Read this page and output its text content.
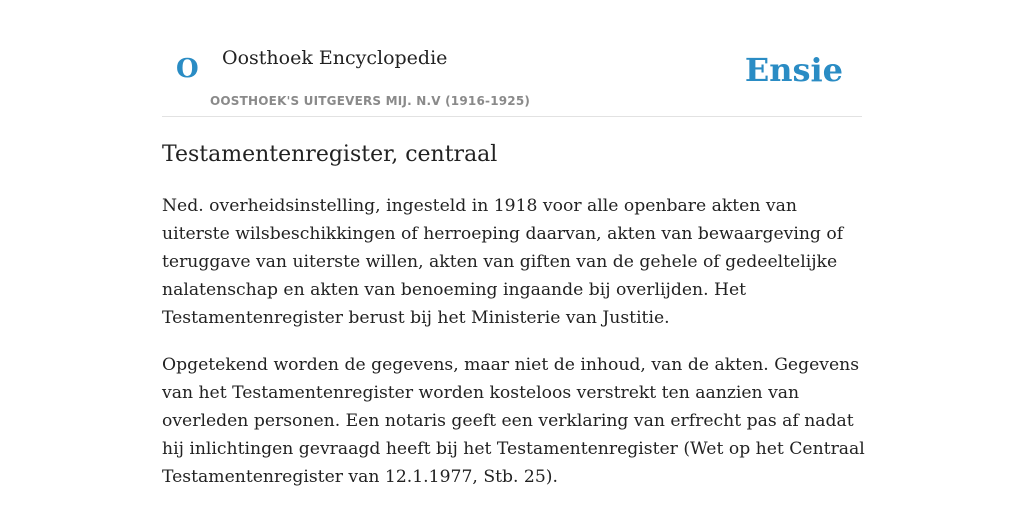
O Oosthoek Encyclopedie
OOSTHOEK'S UITGEVERS MIJ. N.V (1916-1925)
Ensie
Testamentenregister, centraal

Ned. overheidsinstelling, ingesteld in 1918 voor alle openbare akten van uiterste wilsbeschikkingen of herroeping daarvan, akten van bewaargeving of teruggave van uiterste willen, akten van giften van de gehele of gedeeltelijke nalatenschap en akten van benoeming ingaande bij overlijden. Het Testamentenregister berust bij het Ministerie van Justitie.

Opgetekend worden de gegevens, maar niet de inhoud, van de akten. Gegevens van het Testamentenregister worden kosteloos verstrekt ten aanzien van overleden personen. Een notaris geeft een verklaring van erfrecht pas af nadat hij inlichtingen gevraagd heeft bij het Testamentenregister (Wet op het Centraal Testamentenregister van 12.1.1977, Stb. 25).
